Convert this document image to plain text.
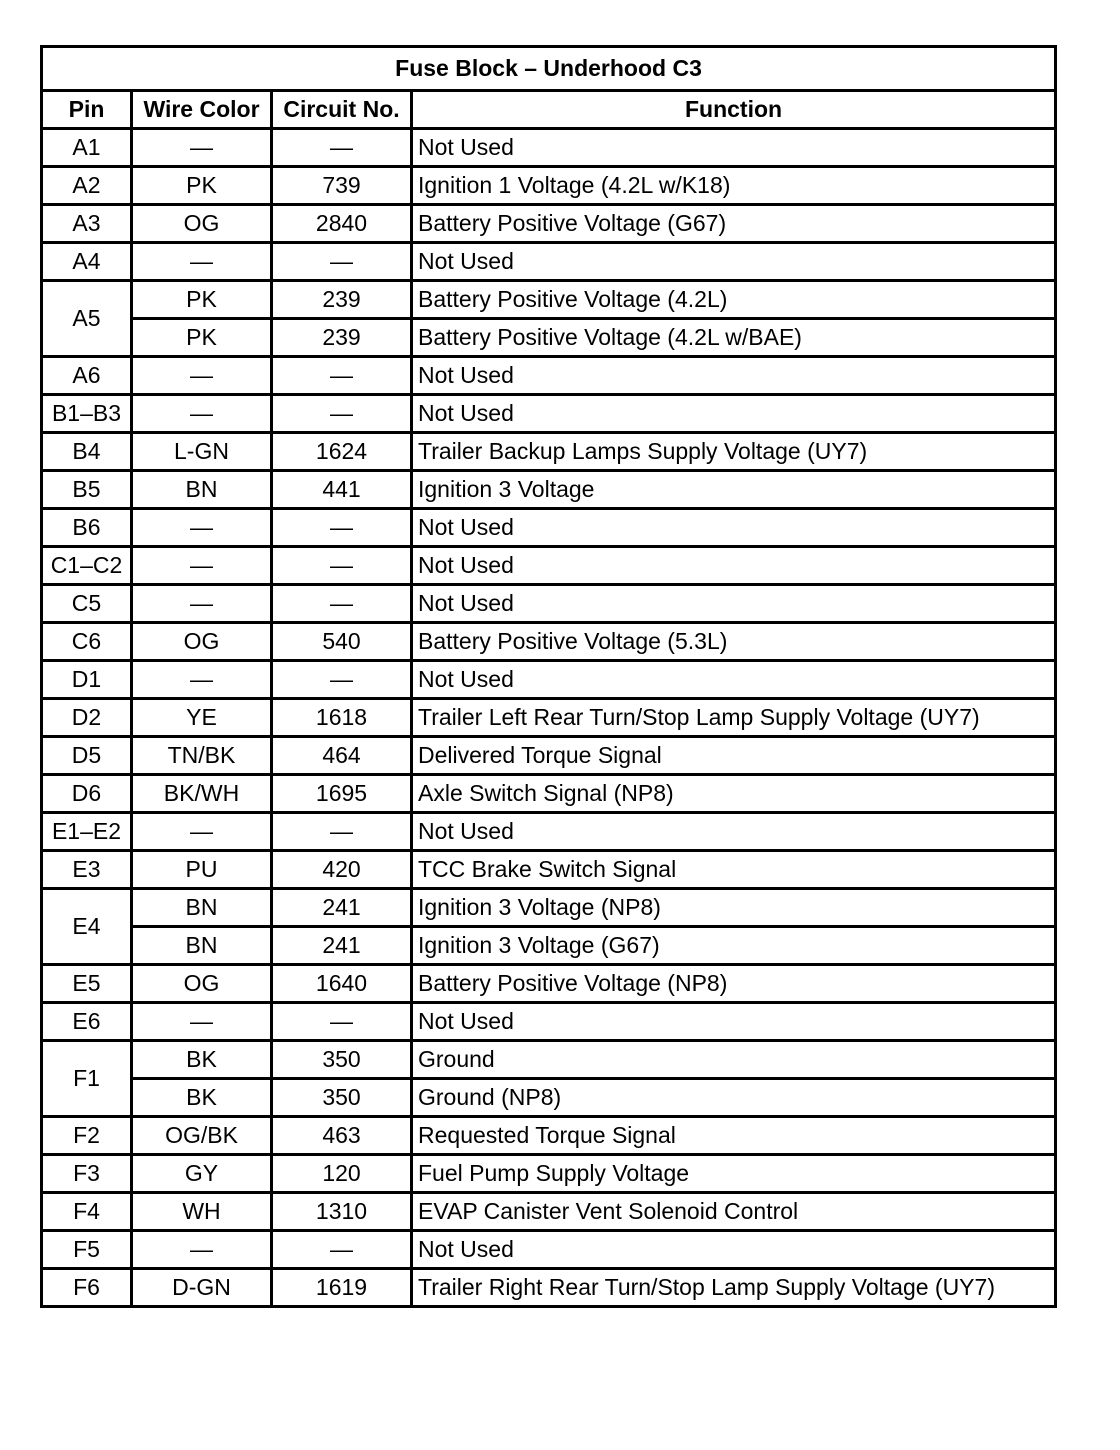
Fuse Block – Underhood C3			
Pin	Wire Color	Circuit No.	Function
A1	—	—	Not Used
A2	PK	739	Ignition 1 Voltage (4.2L w/K18)
A3	OG	2840	Battery Positive Voltage (G67)
A4	—	—	Not Used
A5	PK	239	Battery Positive Voltage (4.2L)
	PK	239	Battery Positive Voltage (4.2L w/BAE)
A6	—	—	Not Used
B1–B3	—	—	Not Used
B4	L-GN	1624	Trailer Backup Lamps Supply Voltage (UY7)
B5	BN	441	Ignition 3 Voltage
B6	—	—	Not Used
C1–C2	—	—	Not Used
C5	—	—	Not Used
C6	OG	540	Battery Positive Voltage (5.3L)
D1	—	—	Not Used
D2	YE	1618	Trailer Left Rear Turn/Stop Lamp Supply Voltage (UY7)
D5	TN/BK	464	Delivered Torque Signal
D6	BK/WH	1695	Axle Switch Signal (NP8)
E1–E2	—	—	Not Used
E3	PU	420	TCC Brake Switch Signal
E4	BN	241	Ignition 3 Voltage (NP8)
	BN	241	Ignition 3 Voltage (G67)
E5	OG	1640	Battery Positive Voltage (NP8)
E6	—	—	Not Used
F1	BK	350	Ground
	BK	350	Ground (NP8)
F2	OG/BK	463	Requested Torque Signal
F3	GY	120	Fuel Pump Supply Voltage
F4	WH	1310	EVAP Canister Vent Solenoid Control
F5	—	—	Not Used
F6	D-GN	1619	Trailer Right Rear Turn/Stop Lamp Supply Voltage (UY7)
